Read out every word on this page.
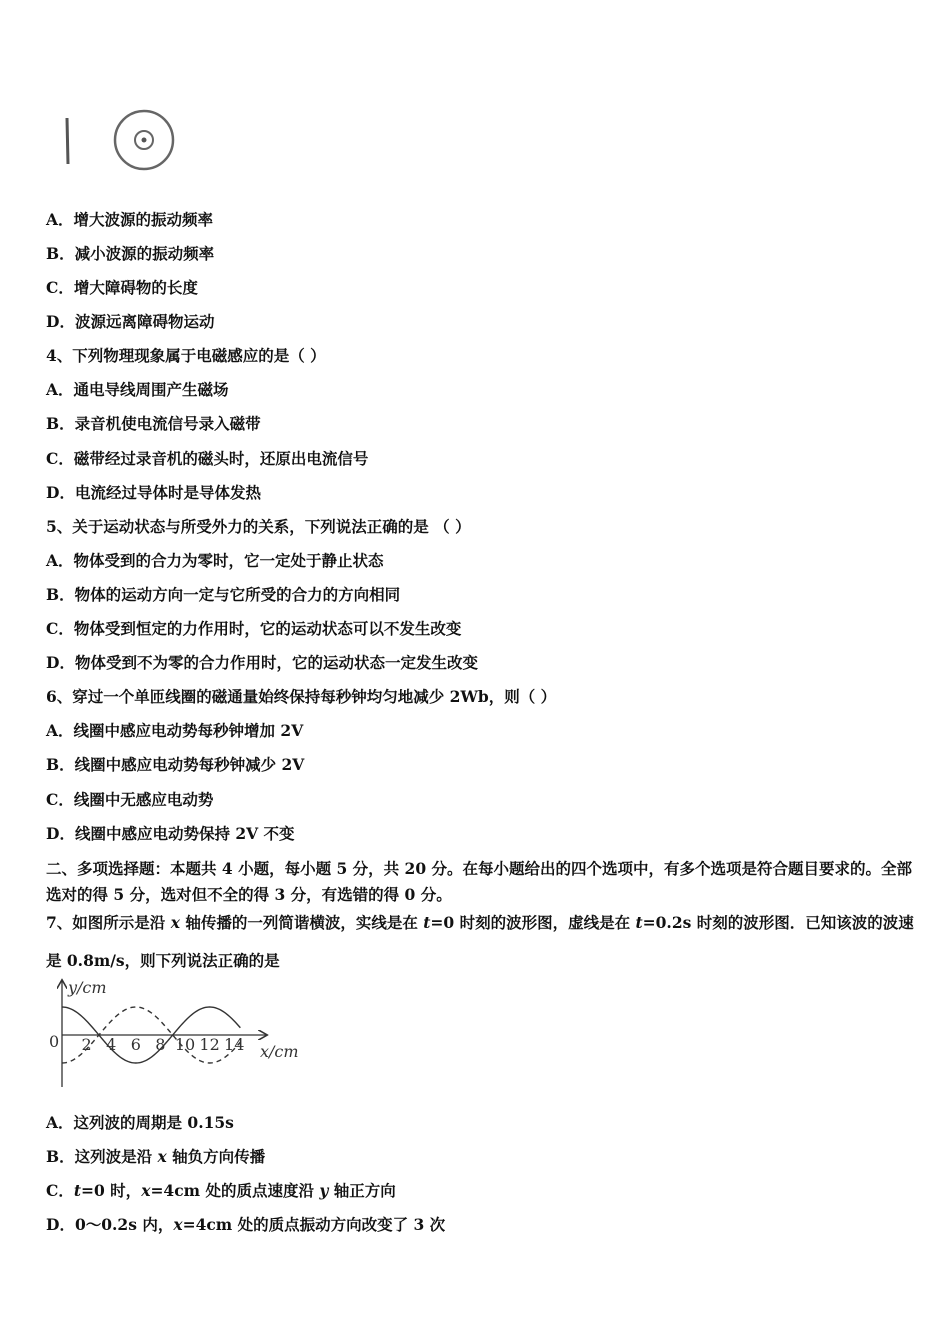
A．增大波源的振动频率
B．减小波源的振动频率
C．增大障碍物的长度
D．波源远离障碍物运动
4、下列物理现象属于电磁感应的是（ ）
A．通电导线周围产生磁场
B．录音机使电流信号录入磁带
C．磁带经过录音机的磁头时，还原出电流信号
D．电流经过导体时是导体发热
5、关于运动状态与所受外力的关系，下列说法正确的是 （ ）
A．物体受到的合力为零时，它一定处于静止状态
B．物体的运动方向一定与它所受的合力的方向相同
C．物体受到恒定的力作用时，它的运动状态可以不发生改变
D．物体受到不为零的合力作用时，它的运动状态一定发生改变
6、穿过一个单匝线圈的磁通量始终保持每秒钟均匀地减少 2Wb，则（ ）
A．线圈中感应电动势每秒钟增加 2V
B．线圈中感应电动势每秒钟减少 2V
C．线圈中无感应电动势
D．线圈中感应电动势保持 2V 不变
二、多项选择题：本题共 4 小题，每小题 5 分，共 20 分。在每小题给出的四个选项中，有多个选项是符合题目要求的。全部选对的得 5 分，选对但不全的得 3 分，有选错的得 0 分。
7、如图所示是沿 x 轴传播的一列简谐横波，实线是在 t=0 时刻的波形图，虚线是在 t=0.2s 时刻的波形图．已知该波的波速是 0.8m/s，则下列说法正确的是
y/cm
x/cm
0 2 4 6 8 10 12 14
A．这列波的周期是 0.15s
B．这列波是沿 x 轴负方向传播
C．t=0 时，x=4cm 处的质点速度沿 y 轴正方向
D．0～0.2s 内，x=4cm 处的质点振动方向改变了 3 次
